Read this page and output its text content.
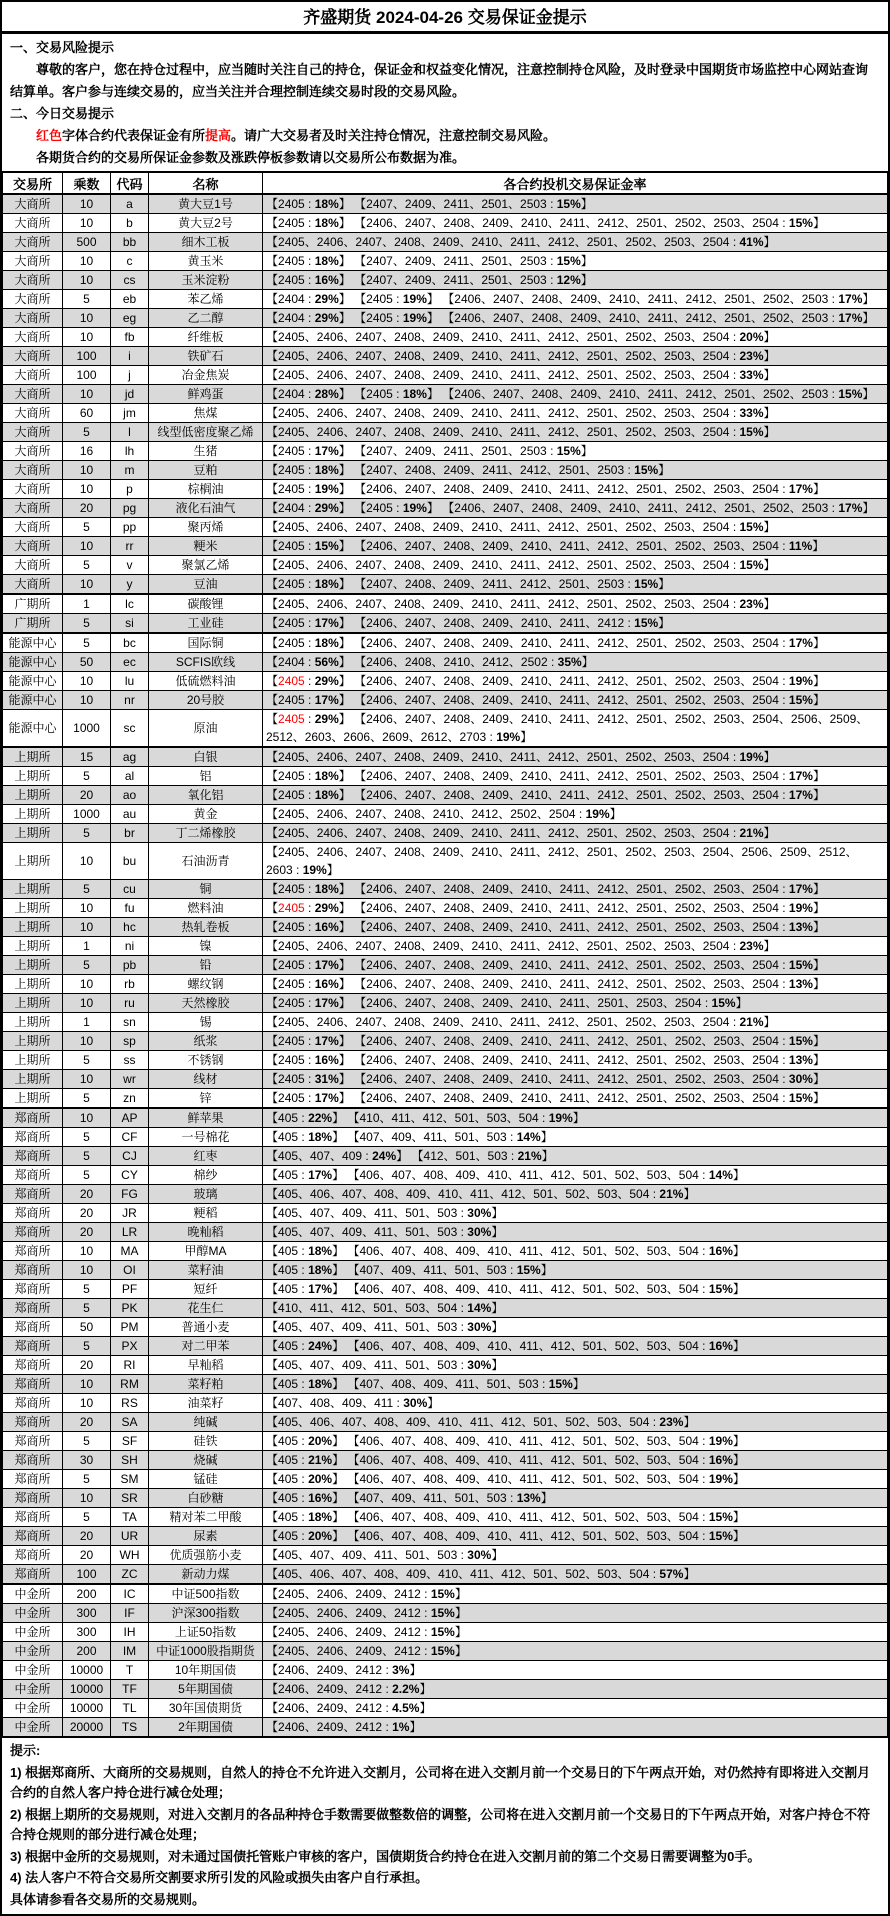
齐盛期货 2024-04-26 交易保证金提示
一、交易风险提示

尊敬的客户，您在持仓过程中，应当随时关注自己的持仓，保证金和权益变化情况，注意控制持仓风险，及时登录中国期货市场监控中心网站查询结算单。客户参与连续交易的，应当关注并合理控制连续交易时段的交易风险。

二、今日交易提示

红色字体合约代表保证金有所提高。请广大交易者及时关注持仓情况，注意控制交易风险。

各期货合约的交易所保证金参数及涨跌停板参数请以交易所公布数据为准。

交易所	乘数	代码	名称	各合约投机交易保证金率
大商所	10	a	黄大豆1号	【2405 : 18%】 【2407、2409、2411、2501、2503 : 15%】
大商所	10	b	黄大豆2号	【2405 : 18%】 【2406、2407、2408、2409、2410、2411、2412、2501、2502、2503、2504 : 15%】
大商所	500	bb	细木工板	【2405、2406、2407、2408、2409、2410、2411、2412、2501、2502、2503、2504 : 41%】
大商所	10	c	黄玉米	【2405 : 18%】 【2407、2409、2411、2501、2503 : 15%】
大商所	10	cs	玉米淀粉	【2405 : 16%】 【2407、2409、2411、2501、2503 : 12%】
大商所	5	eb	苯乙烯	【2404 : 29%】 【2405 : 19%】 【2406、2407、2408、2409、2410、2411、2412、2501、2502、2503 : 17%】
大商所	10	eg	乙二醇	【2404 : 29%】 【2405 : 19%】 【2406、2407、2408、2409、2410、2411、2412、2501、2502、2503 : 17%】
大商所	10	fb	纤维板	【2405、2406、2407、2408、2409、2410、2411、2412、2501、2502、2503、2504 : 20%】
大商所	100	i	铁矿石	【2405、2406、2407、2408、2409、2410、2411、2412、2501、2502、2503、2504 : 23%】
大商所	100	j	冶金焦炭	【2405、2406、2407、2408、2409、2410、2411、2412、2501、2502、2503、2504 : 33%】
大商所	10	jd	鲜鸡蛋	【2404 : 28%】 【2405 : 18%】 【2406、2407、2408、2409、2410、2411、2412、2501、2502、2503 : 15%】
大商所	60	jm	焦煤	【2405、2406、2407、2408、2409、2410、2411、2412、2501、2502、2503、2504 : 33%】
大商所	5	l	线型低密度聚乙烯	【2405、2406、2407、2408、2409、2410、2411、2412、2501、2502、2503、2504 : 15%】
大商所	16	lh	生猪	【2405 : 17%】 【2407、2409、2411、2501、2503 : 15%】
大商所	10	m	豆粕	【2405 : 18%】 【2407、2408、2409、2411、2412、2501、2503 : 15%】
大商所	10	p	棕榈油	【2405 : 19%】 【2406、2407、2408、2409、2410、2411、2412、2501、2502、2503、2504 : 17%】
大商所	20	pg	液化石油气	【2404 : 29%】 【2405 : 19%】 【2406、2407、2408、2409、2410、2411、2412、2501、2502、2503 : 17%】
大商所	5	pp	聚丙烯	【2405、2406、2407、2408、2409、2410、2411、2412、2501、2502、2503、2504 : 15%】
大商所	10	rr	粳米	【2405 : 15%】 【2406、2407、2408、2409、2410、2411、2412、2501、2502、2503、2504 : 11%】
大商所	5	v	聚氯乙烯	【2405、2406、2407、2408、2409、2410、2411、2412、2501、2502、2503、2504 : 15%】
大商所	10	y	豆油	【2405 : 18%】 【2407、2408、2409、2411、2412、2501、2503 : 15%】
广期所	1	lc	碳酸锂	【2405、2406、2407、2408、2409、2410、2411、2412、2501、2502、2503、2504 : 23%】
广期所	5	si	工业硅	【2405 : 17%】 【2406、2407、2408、2409、2410、2411、2412 : 15%】
能源中心	5	bc	国际铜	【2405 : 18%】 【2406、2407、2408、2409、2410、2411、2412、2501、2502、2503、2504 : 17%】
能源中心	50	ec	SCFIS欧线	【2404 : 56%】 【2406、2408、2410、2412、2502 : 35%】
能源中心	10	lu	低硫燃料油	【2405 : 29%】 【2406、2407、2408、2409、2410、2411、2412、2501、2502、2503、2504 : 19%】
能源中心	10	nr	20号胶	【2405 : 17%】 【2406、2407、2408、2409、2410、2411、2412、2501、2502、2503、2504 : 15%】
能源中心	1000	sc	原油	【2405 : 29%】 【2406、2407、2408、2409、2410、2411、2412、2501、2502、2503、2504、2506、2509、2512、2603、2606、2609、2612、2703 : 19%】
上期所	15	ag	白银	【2405、2406、2407、2408、2409、2410、2411、2412、2501、2502、2503、2504 : 19%】
上期所	5	al	铝	【2405 : 18%】 【2406、2407、2408、2409、2410、2411、2412、2501、2502、2503、2504 : 17%】
上期所	20	ao	氧化铝	【2405 : 18%】 【2406、2407、2408、2409、2410、2411、2412、2501、2502、2503、2504 : 17%】
上期所	1000	au	黄金	【2405、2406、2407、2408、2410、2412、2502、2504 : 19%】
上期所	5	br	丁二烯橡胶	【2405、2406、2407、2408、2409、2410、2411、2412、2501、2502、2503、2504 : 21%】
上期所	10	bu	石油沥青	【2405、2406、2407、2408、2409、2410、2411、2412、2501、2502、2503、2504、2506、2509、2512、2603 : 19%】
上期所	5	cu	铜	【2405 : 18%】 【2406、2407、2408、2409、2410、2411、2412、2501、2502、2503、2504 : 17%】
上期所	10	fu	燃料油	【2405 : 29%】 【2406、2407、2408、2409、2410、2411、2412、2501、2502、2503、2504 : 19%】
上期所	10	hc	热轧卷板	【2405 : 16%】 【2406、2407、2408、2409、2410、2411、2412、2501、2502、2503、2504 : 13%】
上期所	1	ni	镍	【2405、2406、2407、2408、2409、2410、2411、2412、2501、2502、2503、2504 : 23%】
上期所	5	pb	铅	【2405 : 17%】 【2406、2407、2408、2409、2410、2411、2412、2501、2502、2503、2504 : 15%】
上期所	10	rb	螺纹钢	【2405 : 16%】 【2406、2407、2408、2409、2410、2411、2412、2501、2502、2503、2504 : 13%】
上期所	10	ru	天然橡胶	【2405 : 17%】 【2406、2407、2408、2409、2410、2411、2501、2503、2504 : 15%】
上期所	1	sn	锡	【2405、2406、2407、2408、2409、2410、2411、2412、2501、2502、2503、2504 : 21%】
上期所	10	sp	纸浆	【2405 : 17%】 【2406、2407、2408、2409、2410、2411、2412、2501、2502、2503、2504 : 15%】
上期所	5	ss	不锈钢	【2405 : 16%】 【2406、2407、2408、2409、2410、2411、2412、2501、2502、2503、2504 : 13%】
上期所	10	wr	线材	【2405 : 31%】 【2406、2407、2408、2409、2410、2411、2412、2501、2502、2503、2504 : 30%】
上期所	5	zn	锌	【2405 : 17%】 【2406、2407、2408、2409、2410、2411、2412、2501、2502、2503、2504 : 15%】
郑商所	10	AP	鲜苹果	【405 : 22%】 【410、411、412、501、503、504 : 19%】
郑商所	5	CF	一号棉花	【405 : 18%】 【407、409、411、501、503 : 14%】
郑商所	5	CJ	红枣	【405、407、409 : 24%】 【412、501、503 : 21%】
郑商所	5	CY	棉纱	【405 : 17%】 【406、407、408、409、410、411、412、501、502、503、504 : 14%】
郑商所	20	FG	玻璃	【405、406、407、408、409、410、411、412、501、502、503、504 : 21%】
郑商所	20	JR	粳稻	【405、407、409、411、501、503 : 30%】
郑商所	20	LR	晚籼稻	【405、407、409、411、501、503 : 30%】
郑商所	10	MA	甲醇MA	【405 : 18%】 【406、407、408、409、410、411、412、501、502、503、504 : 16%】
郑商所	10	OI	菜籽油	【405 : 18%】 【407、409、411、501、503 : 15%】
郑商所	5	PF	短纤	【405 : 17%】 【406、407、408、409、410、411、412、501、502、503、504 : 15%】
郑商所	5	PK	花生仁	【410、411、412、501、503、504 : 14%】
郑商所	50	PM	普通小麦	【405、407、409、411、501、503 : 30%】
郑商所	5	PX	对二甲苯	【405 : 24%】 【406、407、408、409、410、411、412、501、502、503、504 : 16%】
郑商所	20	RI	早籼稻	【405、407、409、411、501、503 : 30%】
郑商所	10	RM	菜籽粕	【405 : 18%】 【407、408、409、411、501、503 : 15%】
郑商所	10	RS	油菜籽	【407、408、409、411 : 30%】
郑商所	20	SA	纯碱	【405、406、407、408、409、410、411、412、501、502、503、504 : 23%】
郑商所	5	SF	硅铁	【405 : 20%】 【406、407、408、409、410、411、412、501、502、503、504 : 19%】
郑商所	30	SH	烧碱	【405 : 21%】 【406、407、408、409、410、411、412、501、502、503、504 : 16%】
郑商所	5	SM	锰硅	【405 : 20%】 【406、407、408、409、410、411、412、501、502、503、504 : 19%】
郑商所	10	SR	白砂糖	【405 : 16%】 【407、409、411、501、503 : 13%】
郑商所	5	TA	精对苯二甲酸	【405 : 18%】 【406、407、408、409、410、411、412、501、502、503、504 : 15%】
郑商所	20	UR	尿素	【405 : 20%】 【406、407、408、409、410、411、412、501、502、503、504 : 15%】
郑商所	20	WH	优质强筋小麦	【405、407、409、411、501、503 : 30%】
郑商所	100	ZC	新动力煤	【405、406、407、408、409、410、411、412、501、502、503、504 : 57%】
中金所	200	IC	中证500指数	【2405、2406、2409、2412 : 15%】
中金所	300	IF	沪深300指数	【2405、2406、2409、2412 : 15%】
中金所	300	IH	上证50指数	【2405、2406、2409、2412 : 15%】
中金所	200	IM	中证1000股指期货	【2405、2406、2409、2412 : 15%】
中金所	10000	T	10年期国债	【2406、2409、2412 : 3%】
中金所	10000	TF	5年期国债	【2406、2409、2412 : 2.2%】
中金所	10000	TL	30年国债期货	【2406、2409、2412 : 4.5%】
中金所	20000	TS	2年期国债	【2406、2409、2412 : 1%】

提示:

1) 根据郑商所、大商所的交易规则，自然人的持仓不允许进入交割月，公司将在进入交割月前一个交易日的下午两点开始，对仍然持有即将进入交割月合约的自然人客户持仓进行减仓处理；

2) 根据上期所的交易规则，对进入交割月的各品种持仓手数需要做整数倍的调整，公司将在进入交割月前一个交易日的下午两点开始，对客户持仓不符合持仓规则的部分进行减仓处理；

3) 根据中金所的交易规则，对未通过国债托管账户审核的客户，国债期货合约持仓在进入交割月前的第二个交易日需要调整为0手。

4) 法人客户不符合交易所交割要求所引发的风险或损失由客户自行承担。

具体请参看各交易所的交易规则。
